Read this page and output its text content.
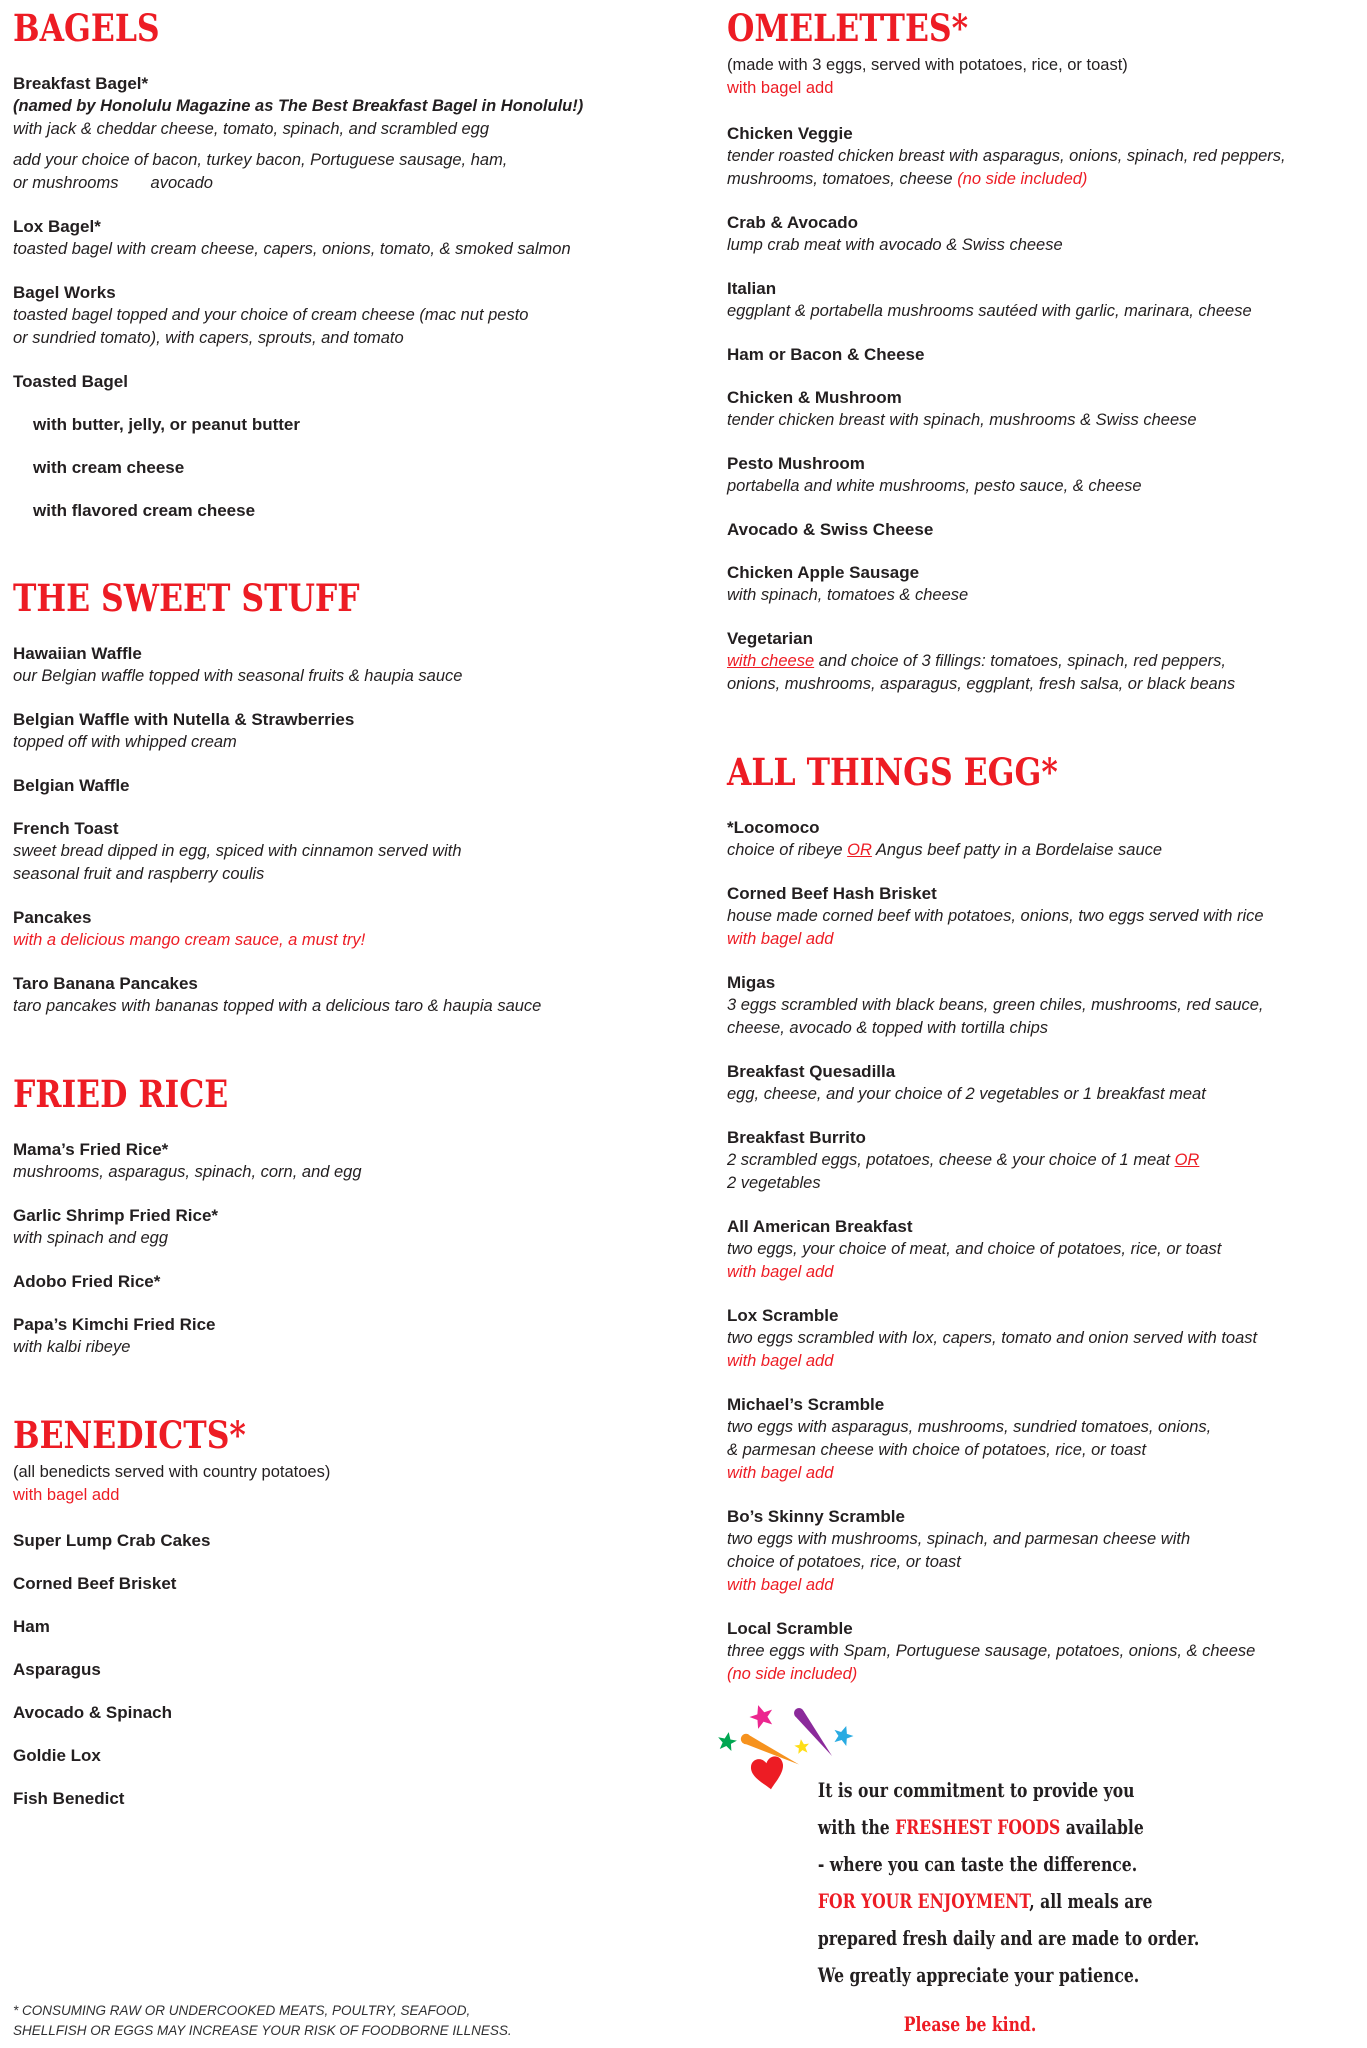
BAGELS
Breakfast Bagel*
(named by Honolulu Magazine as The Best Breakfast Bagel in Honolulu!)
with jack & cheddar cheese, tomato, spinach, and scrambled egg
add your choice of bacon, turkey bacon, Portuguese sausage, ham,
or mushrooms       avocado
Lox Bagel*
toasted bagel with cream cheese, capers, onions, tomato, & smoked salmon
Bagel Works
toasted bagel topped and your choice of cream cheese (mac nut pesto
or sundried tomato), with capers, sprouts, and tomato
Toasted Bagel
with butter, jelly, or peanut butter
with cream cheese
with flavored cream cheese
THE SWEET STUFF
Hawaiian Waffle
our Belgian waffle topped with seasonal fruits & haupia sauce
Belgian Waffle with Nutella & Strawberries
topped off with whipped cream
Belgian Waffle
French Toast
sweet bread dipped in egg, spiced with cinnamon served with
seasonal fruit and raspberry coulis
Pancakes
with a delicious mango cream sauce, a must try!
Taro Banana Pancakes
taro pancakes with bananas topped with a delicious taro & haupia sauce
FRIED RICE
Mama’s Fried Rice*
mushrooms, asparagus, spinach, corn, and egg
Garlic Shrimp Fried Rice*
with spinach and egg
Adobo Fried Rice*
Papa’s Kimchi Fried Rice
with kalbi ribeye
BENEDICTS*
(all benedicts served with country potatoes)
with bagel add
Super Lump Crab Cakes
Corned Beef Brisket
Ham
Asparagus
Avocado & Spinach
Goldie Lox
Fish Benedict
OMELETTES*
(made with 3 eggs, served with potatoes, rice, or toast)
with bagel add
Chicken Veggie
tender roasted chicken breast with asparagus, onions, spinach, red peppers,
mushrooms, tomatoes, cheese (no side included)
Crab & Avocado
lump crab meat with avocado & Swiss cheese
Italian
eggplant & portabella mushrooms sautéed with garlic, marinara, cheese
Ham or Bacon & Cheese
Chicken & Mushroom
tender chicken breast with spinach, mushrooms & Swiss cheese
Pesto Mushroom
portabella and white mushrooms, pesto sauce, & cheese
Avocado & Swiss Cheese
Chicken Apple Sausage
with spinach, tomatoes & cheese
Vegetarian
with cheese and choice of 3 fillings: tomatoes, spinach, red peppers,
onions, mushrooms, asparagus, eggplant, fresh salsa, or black beans
ALL THINGS EGG*
*Locomoco
choice of ribeye OR Angus beef patty in a Bordelaise sauce
Corned Beef Hash Brisket
house made corned beef with potatoes, onions, two eggs served with rice
with bagel add
Migas
3 eggs scrambled with black beans, green chiles, mushrooms, red sauce,
cheese, avocado & topped with tortilla chips
Breakfast Quesadilla
egg, cheese, and your choice of 2 vegetables or 1 breakfast meat
Breakfast Burrito
2 scrambled eggs, potatoes, cheese & your choice of 1 meat OR
2 vegetables
All American Breakfast
two eggs, your choice of meat, and choice of potatoes, rice, or toast
with bagel add
Lox Scramble
two eggs scrambled with lox, capers, tomato and onion served with toast
with bagel add
Michael’s Scramble
two eggs with asparagus, mushrooms, sundried tomatoes, onions,
& parmesan cheese with choice of potatoes, rice, or toast
with bagel add
Bo’s Skinny Scramble
two eggs with mushrooms, spinach, and parmesan cheese with
choice of potatoes, rice, or toast
with bagel add
Local Scramble
three eggs with Spam, Portuguese sausage, potatoes, onions, & cheese
(no side included)
It is our commitment to provide you
with the FRESHEST FOODS available
- where you can taste the difference.
FOR YOUR ENJOYMENT, all meals are
prepared fresh daily and are made to order.
We greatly appreciate your patience.
Please be kind.
* CONSUMING RAW OR UNDERCOOKED MEATS, POULTRY, SEAFOOD,
SHELLFISH OR EGGS MAY INCREASE YOUR RISK OF FOODBORNE ILLNESS.
